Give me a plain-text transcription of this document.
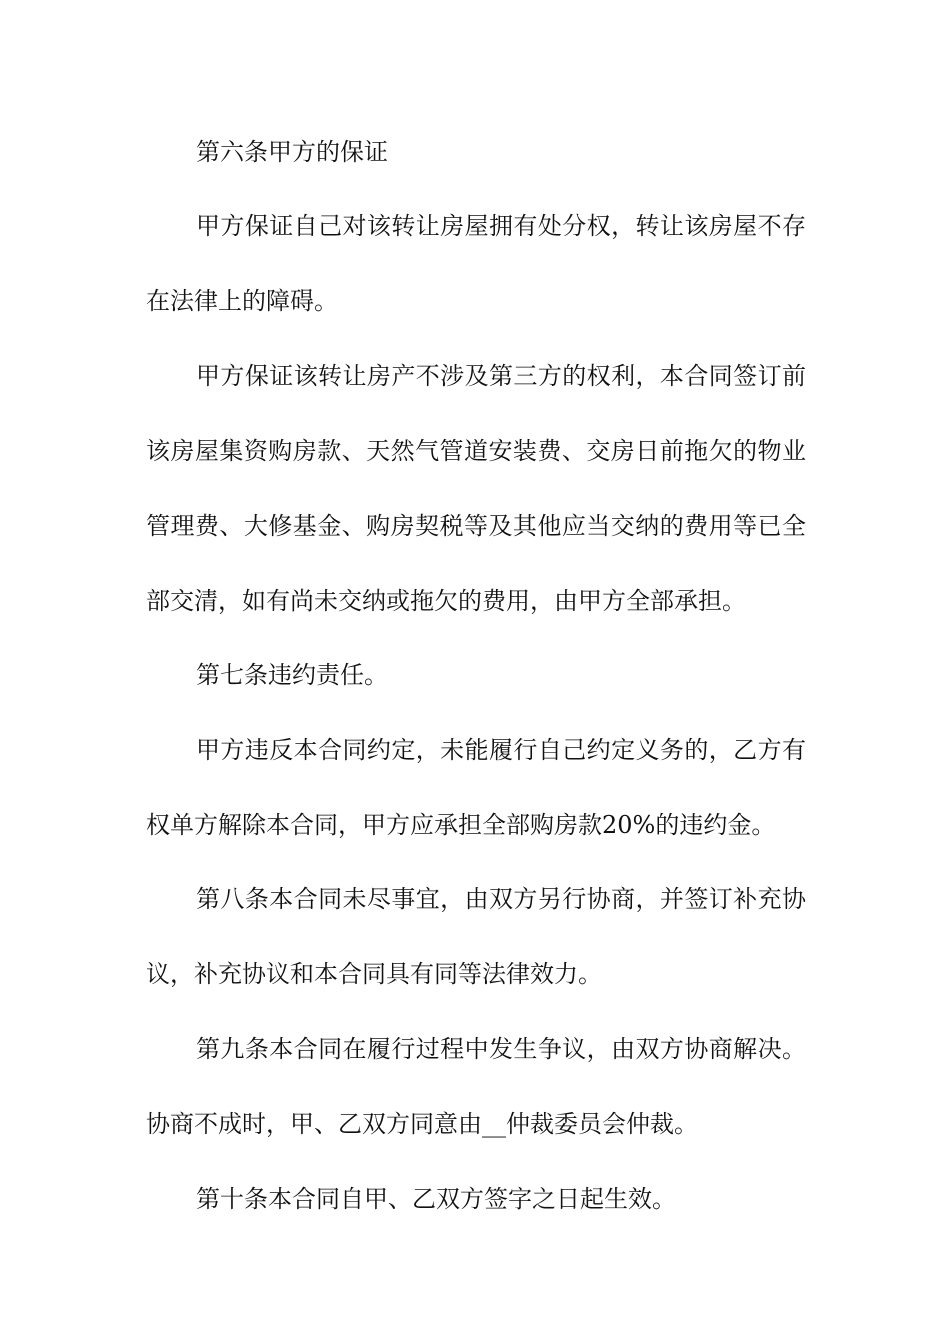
第六条甲方的保证
甲方保证自己对该转让房屋拥有处分权，转让该房屋不存
在法律上的障碍。
甲方保证该转让房产不涉及第三方的权利，本合同签订前
该房屋集资购房款、天然气管道安装费、交房日前拖欠的物业
管理费、大修基金、购房契税等及其他应当交纳的费用等已全
部交清，如有尚未交纳或拖欠的费用，由甲方全部承担。
第七条违约责任。
甲方违反本合同约定，未能履行自己约定义务的，乙方有
权单方解除本合同，甲方应承担全部购房款20%的违约金。
第八条本合同未尽事宜，由双方另行协商，并签订补充协
议，补充协议和本合同具有同等法律效力。
第九条本合同在履行过程中发生争议，由双方协商解决。
协商不成时，甲、乙双方同意由__仲裁委员会仲裁。
第十条本合同自甲、乙双方签字之日起生效。
